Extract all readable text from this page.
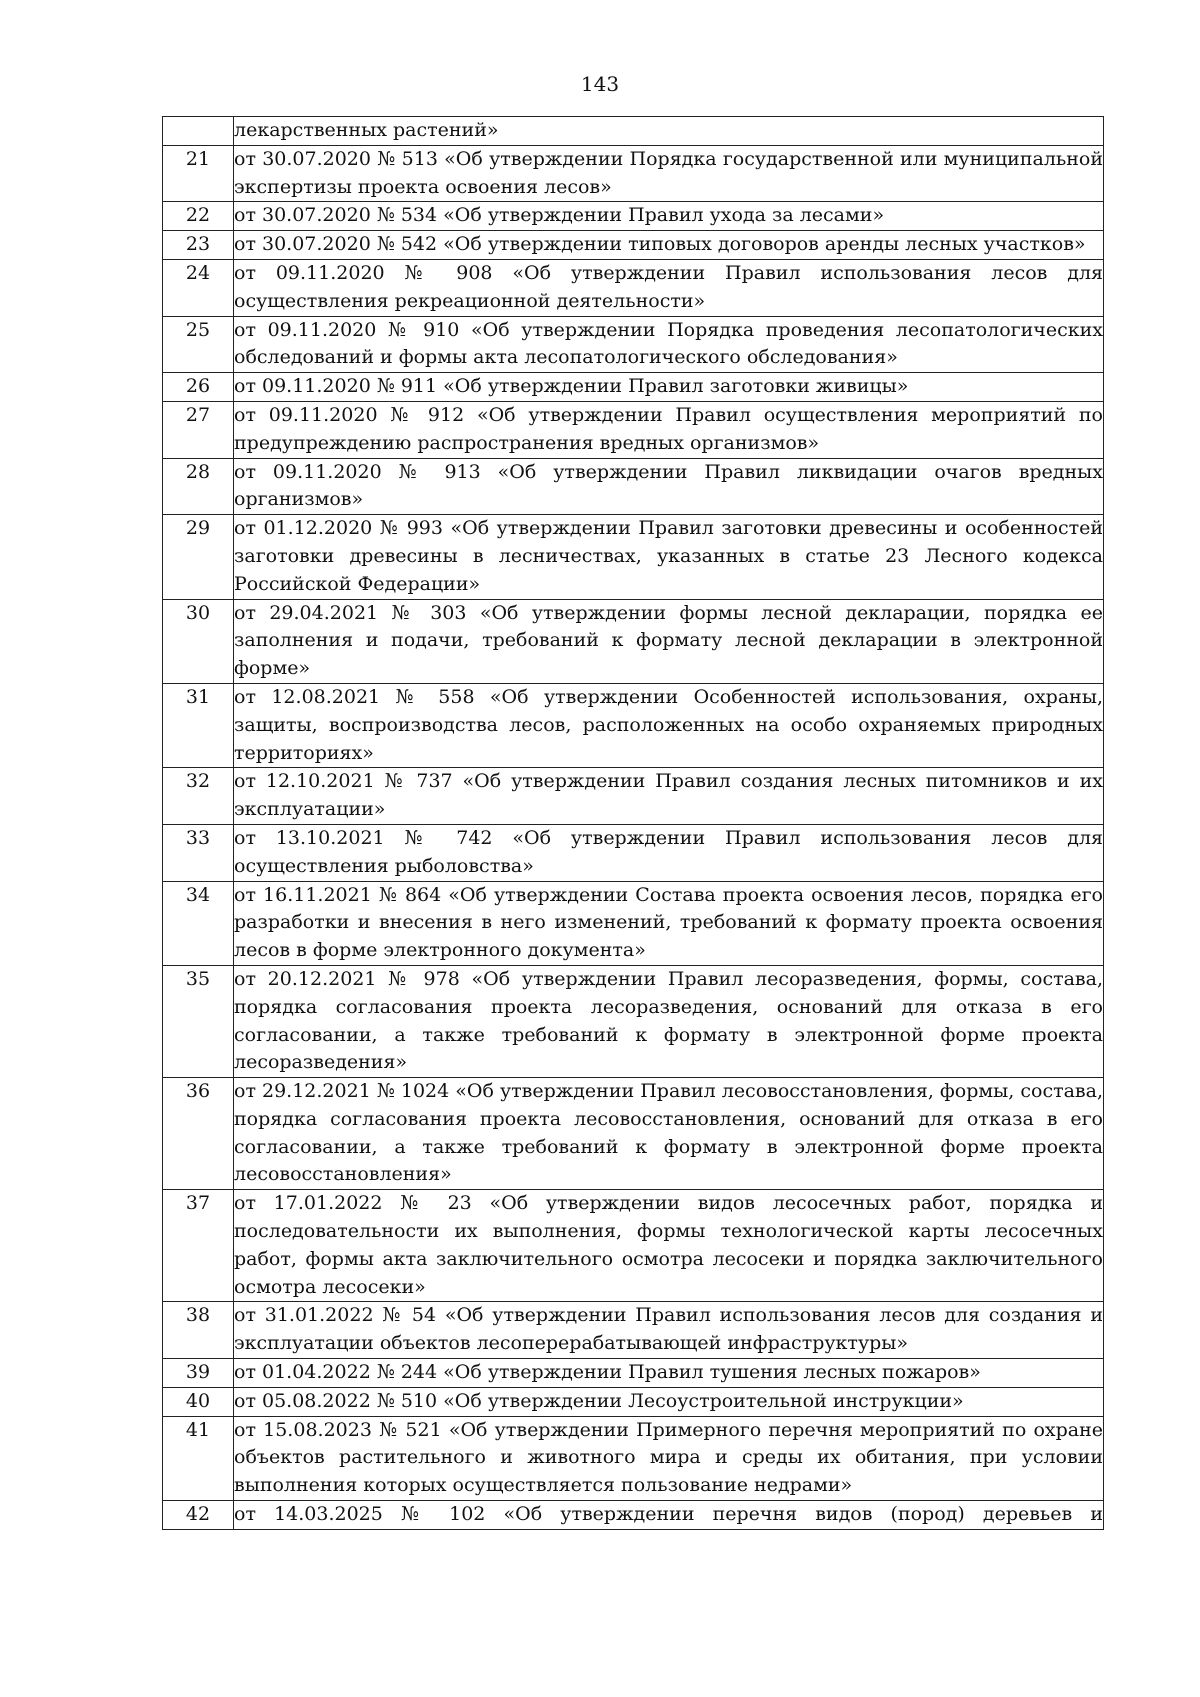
143
	лекарственных растений»
21	от 30.07.2020 № 513 «Об утверждении Порядка государственной или муниципальной экспертизы проекта освоения лесов»
22	от 30.07.2020 № 534 «Об утверждении Правил ухода за лесами»
23	от 30.07.2020 № 542 «Об утверждении типовых договоров аренды лесных участков»
24	от 09.11.2020 № 908 «Об утверждении Правил использования лесов для осуществления рекреационной деятельности»
25	от 09.11.2020 № 910 «Об утверждении Порядка проведения лесопатологических обследований и формы акта лесопатологического обследования»
26	от 09.11.2020 № 911 «Об утверждении Правил заготовки живицы»
27	от 09.11.2020 № 912 «Об утверждении Правил осуществления мероприятий по предупреждению распространения вредных организмов»
28	от 09.11.2020 № 913 «Об утверждении Правил ликвидации очагов вредных организмов»
29	от 01.12.2020 № 993 «Об утверждении Правил заготовки древесины и особенностей заготовки древесины в лесничествах, указанных в статье 23 Лесного кодекса Российской Федерации»
30	от 29.04.2021 № 303 «Об утверждении формы лесной декларации, порядка ее заполнения и подачи, требований к формату лесной декларации в электронной форме»
31	от 12.08.2021 № 558 «Об утверждении Особенностей использования, охраны, защиты, воспроизводства лесов, расположенных на особо охраняемых природных территориях»
32	от 12.10.2021 № 737 «Об утверждении Правил создания лесных питомников и их эксплуатации»
33	от 13.10.2021 № 742 «Об утверждении Правил использования лесов для осуществления рыболовства»
34	от 16.11.2021 № 864 «Об утверждении Состава проекта освоения лесов, порядка его разработки и внесения в него изменений, требований к формату проекта освоения лесов в форме электронного документа»
35	от 20.12.2021 № 978 «Об утверждении Правил лесоразведения, формы, состава, порядка согласования проекта лесоразведения, оснований для отказа в его согласовании, а также требований к формату в электронной форме проекта лесоразведения»
36	от 29.12.2021 № 1024 «Об утверждении Правил лесовосстановления, формы, состава, порядка согласования проекта лесовосстановления, оснований для отказа в его согласовании, а также требований к формату в электронной форме проекта лесовосстановления»
37	от 17.01.2022 № 23 «Об утверждении видов лесосечных работ, порядка и последовательности их выполнения, формы технологической карты лесосечных работ, формы акта заключительного осмотра лесосеки и порядка заключительного осмотра лесосеки»
38	от 31.01.2022 № 54 «Об утверждении Правил использования лесов для создания и эксплуатации объектов лесоперерабатывающей инфраструктуры»
39	от 01.04.2022 № 244 «Об утверждении Правил тушения лесных пожаров»
40	от 05.08.2022 № 510 «Об утверждении Лесоустроительной инструкции»
41	от 15.08.2023 № 521 «Об утверждении Примерного перечня мероприятий по охране объектов растительного и животного мира и среды их обитания, при условии выполнения которых осуществляется пользование недрами»
42	от 14.03.2025 № 102 «Об утверждении перечня видов (пород) деревьев и
